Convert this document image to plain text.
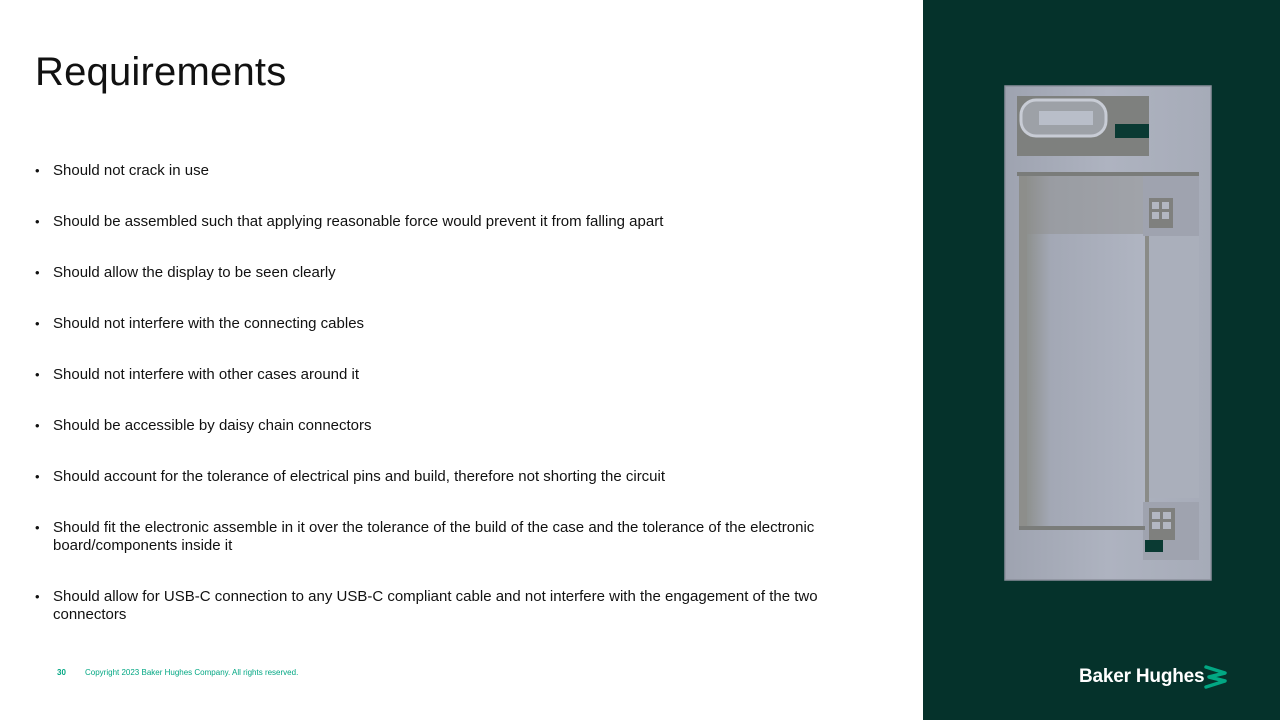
Requirements
• Should not crack in use
• Should be assembled such that applying reasonable force would prevent it from falling apart
• Should allow the display to be seen clearly
• Should not interfere with the connecting cables
• Should not interfere with other cases around it
• Should be accessible by daisy chain connectors
• Should account for the tolerance of electrical pins and build, therefore not shorting the circuit
• Should fit the electronic assemble in it over the tolerance of the build of the case and the tolerance of the electronic board/components inside it
• Should allow for USB-C connection to any USB-C compliant cable and not interfere with the engagement of the two connectors
30 Copyright 2023 Baker Hughes Company. All rights reserved.	Baker Hughes
